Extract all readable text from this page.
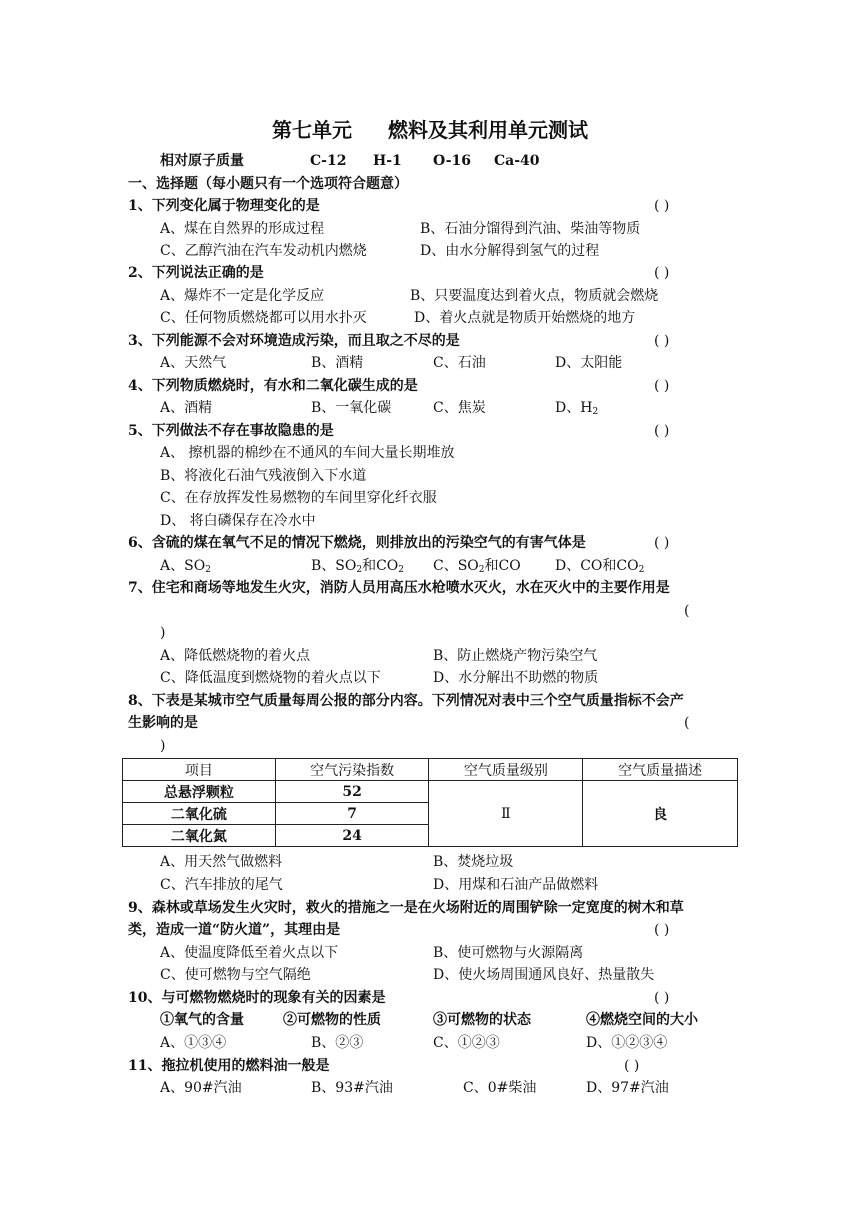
第七单元 燃料及其利用单元测试
相对原子质量	C-12 H-1 O-16 Ca-40
一、选择题（每小题只有一个选项符合题意）
1、下列变化属于物理变化的是	( )
A、煤在自然界的形成过程	B、石油分馏得到汽油、柴油等物质
C、乙醇汽油在汽车发动机内燃烧	D、由水分解得到氢气的过程
2、下列说法正确的是	( )
A、爆炸不一定是化学反应	B、只要温度达到着火点，物质就会燃烧
C、任何物质燃烧都可以用水扑灭	D、着火点就是物质开始燃烧的地方
3、下列能源不会对环境造成污染，而且取之不尽的是	( )
A、天然气	B、酒精	C、石油	D、太阳能
4、下列物质燃烧时，有水和二氧化碳生成的是	( )
A、酒精	B、一氧化碳	C、焦炭	D、$H_2$
5、下列做法不存在事故隐患的是	( )
A、 擦机器的棉纱在不通风的车间大量长期堆放
B、将液化石油气残液倒入下水道
C、在存放挥发性易燃物的车间里穿化纤衣服
D、 将白磷保存在冷水中
6、含硫的煤在氧气不足的情况下燃烧，则排放出的污染空气的有害气体是	( )
A、$SO_2$	B、$SO_2$和$CO_2$ C、$SO_2$和CO D、CO和$CO_2$
7、住宅和商场等地发生火灾，消防人员用高压水枪喷水灭火，水在灭火中的主要作用是
(
)
A、降低燃烧物的着火点	B、防止燃烧产物污染空气
C、降低温度到燃烧物的着火点以下	D、水分解出不助燃的物质
8、下表是某城市空气质量每周公报的部分内容。下列情况对表中三个空气质量指标不会产
生影响的是	(
)
项目	空气污染指数	空气质量级别	空气质量描述
总悬浮颗粒	52	Ⅱ	良
二氧化硫	7		
二氧化氮	24		
A、用天然气做燃料	B、焚烧垃圾
C、汽车排放的尾气	D、用煤和石油产品做燃料
9、森林或草场发生火灾时，救火的措施之一是在火场附近的周围铲除一定宽度的树木和草
类，造成一道“防火道”，其理由是	( )
A、使温度降低至着火点以下	B、使可燃物与火源隔离
C、使可燃物与空气隔绝	D、使火场周围通风良好、热量散失
10、与可燃物燃烧时的现象有关的因素是	( )
①氧气的含量	②可燃物的性质	③可燃物的状态	④燃烧空间的大小
A、①③④	B、②③	C、①②③	D、①②③④
11、拖拉机使用的燃料油一般是	( )
A、90#汽油	B、93#汽油	C、0#柴油	D、97#汽油
